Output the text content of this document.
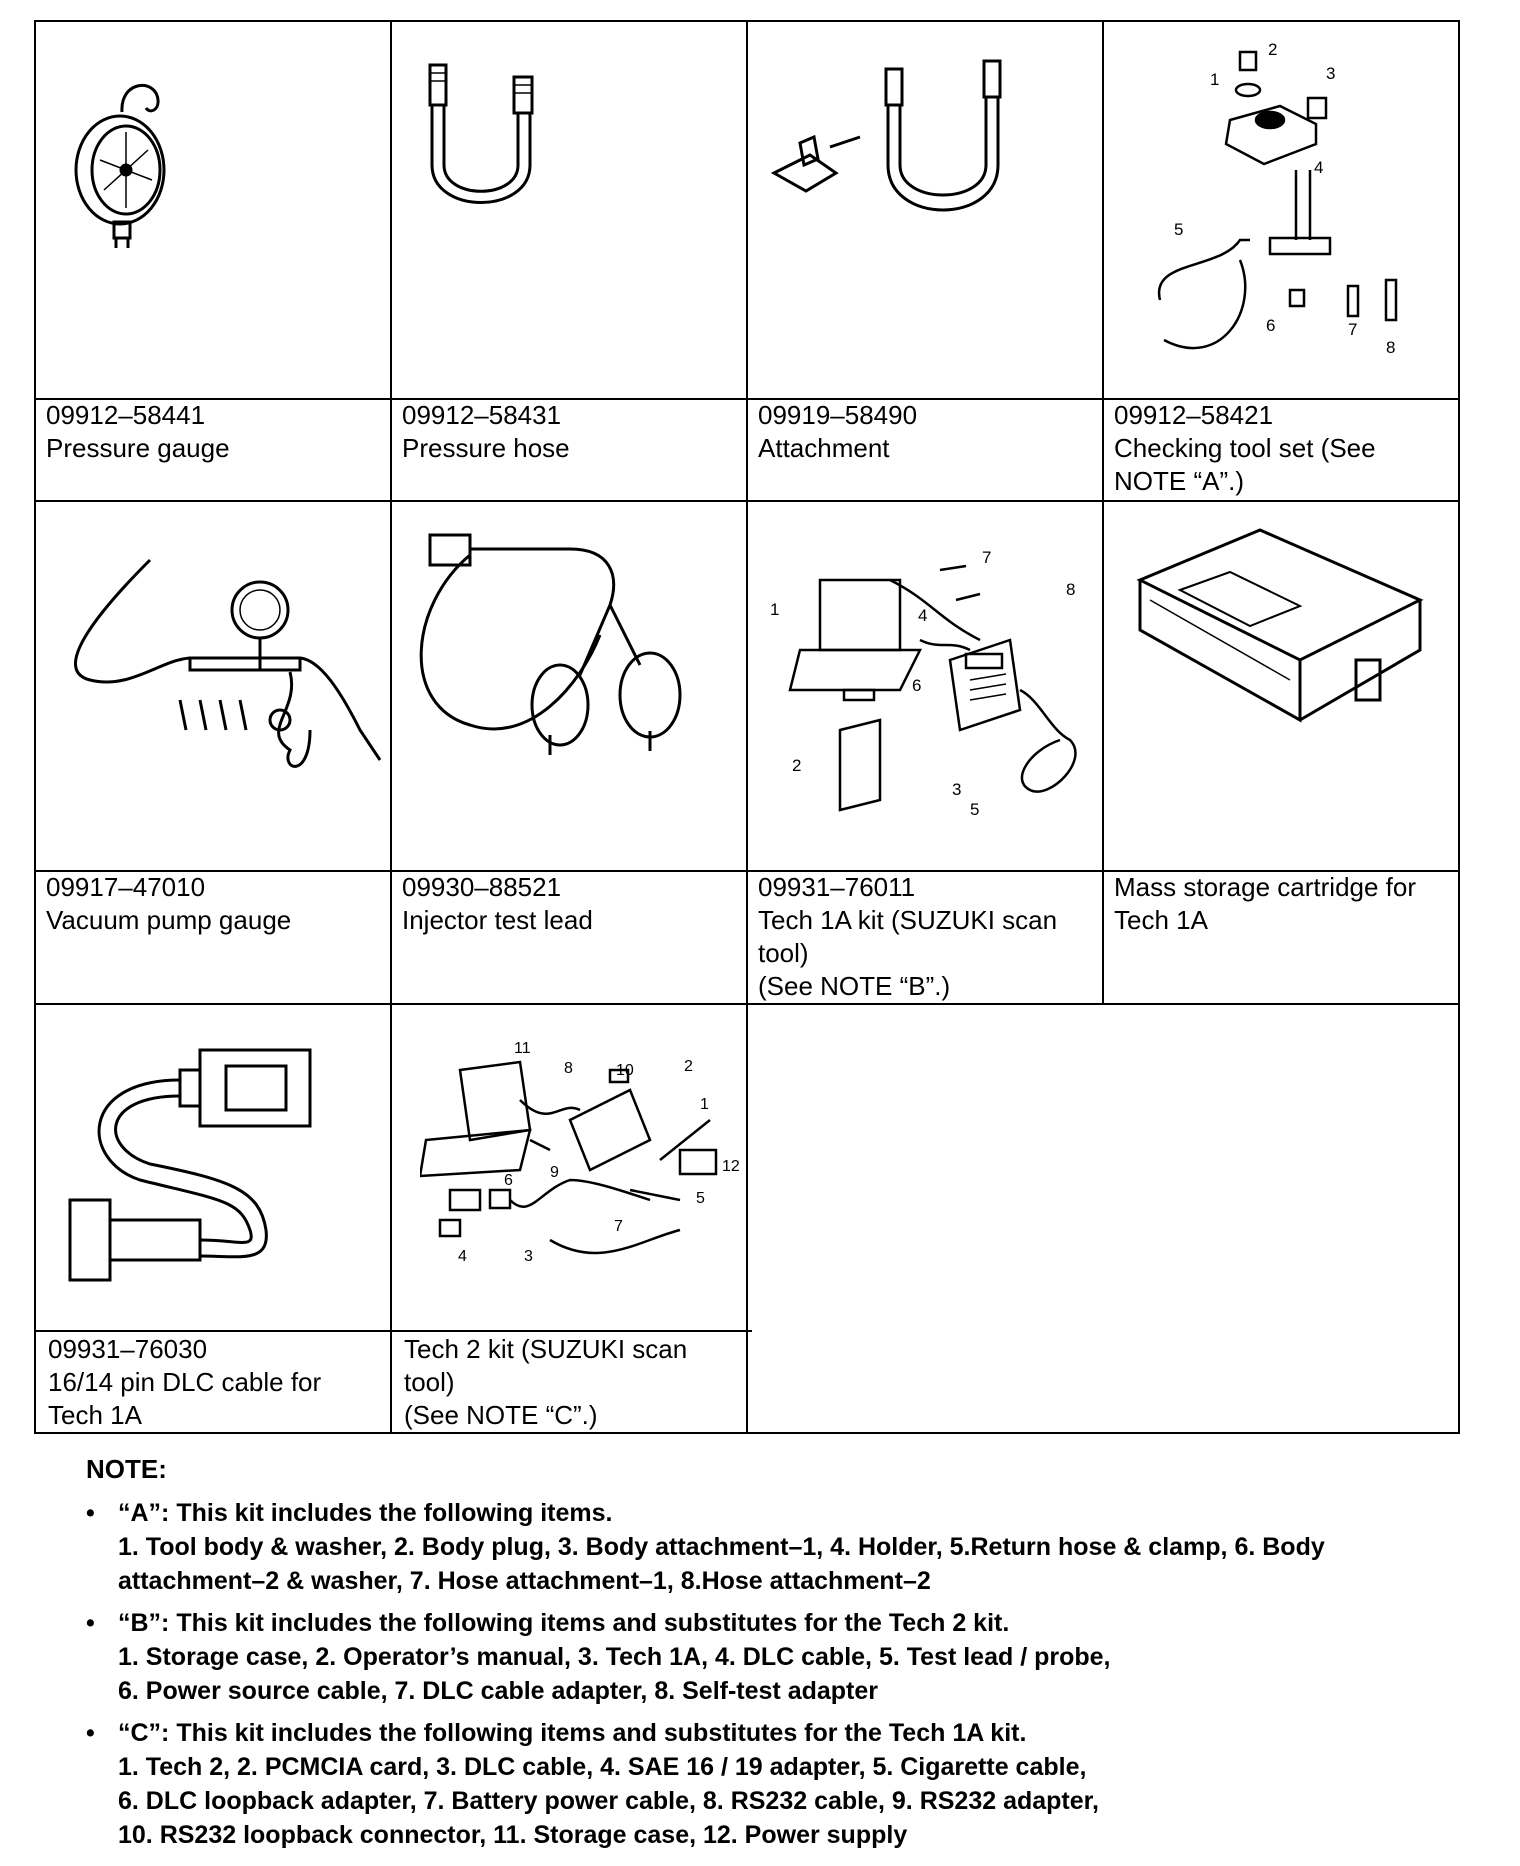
09912–58441
Pressure gauge
09912–58431
Pressure hose
09919–58490
Attachment
1
2
3
4
5
6	7
8
09912–58421
Checking tool set (See
NOTE “A”.)
09917–47010
Vacuum pump gauge
09930–88521
Injector test lead
1
2
3
4
5
6
7
8
09931–76011
Tech 1A kit (SUZUKI scan
tool)
(See NOTE “B”.)
Mass storage cartridge for
Tech 1A
09931–76030
16/14 pin DLC cable for
Tech 1A
1
2
3
4
5
6
7
8
9
10
11
12
Tech 2 kit (SUZUKI scan
tool)
(See NOTE “C”.)
NOTE:
• “A”: This kit includes the following items.
1. Tool body & washer, 2. Body plug, 3. Body attachment–1, 4. Holder, 5.Return hose & clamp, 6. Body
attachment–2 & washer, 7. Hose attachment–1, 8.Hose attachment–2
• “B”: This kit includes the following items and substitutes for the Tech 2 kit.
1. Storage case, 2. Operator’s manual, 3. Tech 1A, 4. DLC cable, 5. Test lead / probe,
6. Power source cable, 7. DLC cable adapter, 8. Self-test adapter
• “C”: This kit includes the following items and substitutes for the Tech 1A kit.
1. Tech 2, 2. PCMCIA card, 3. DLC cable, 4. SAE 16 / 19 adapter, 5. Cigarette cable,
6. DLC loopback adapter, 7. Battery power cable, 8. RS232 cable, 9. RS232 adapter,
10. RS232 loopback connector, 11. Storage case, 12. Power supply
